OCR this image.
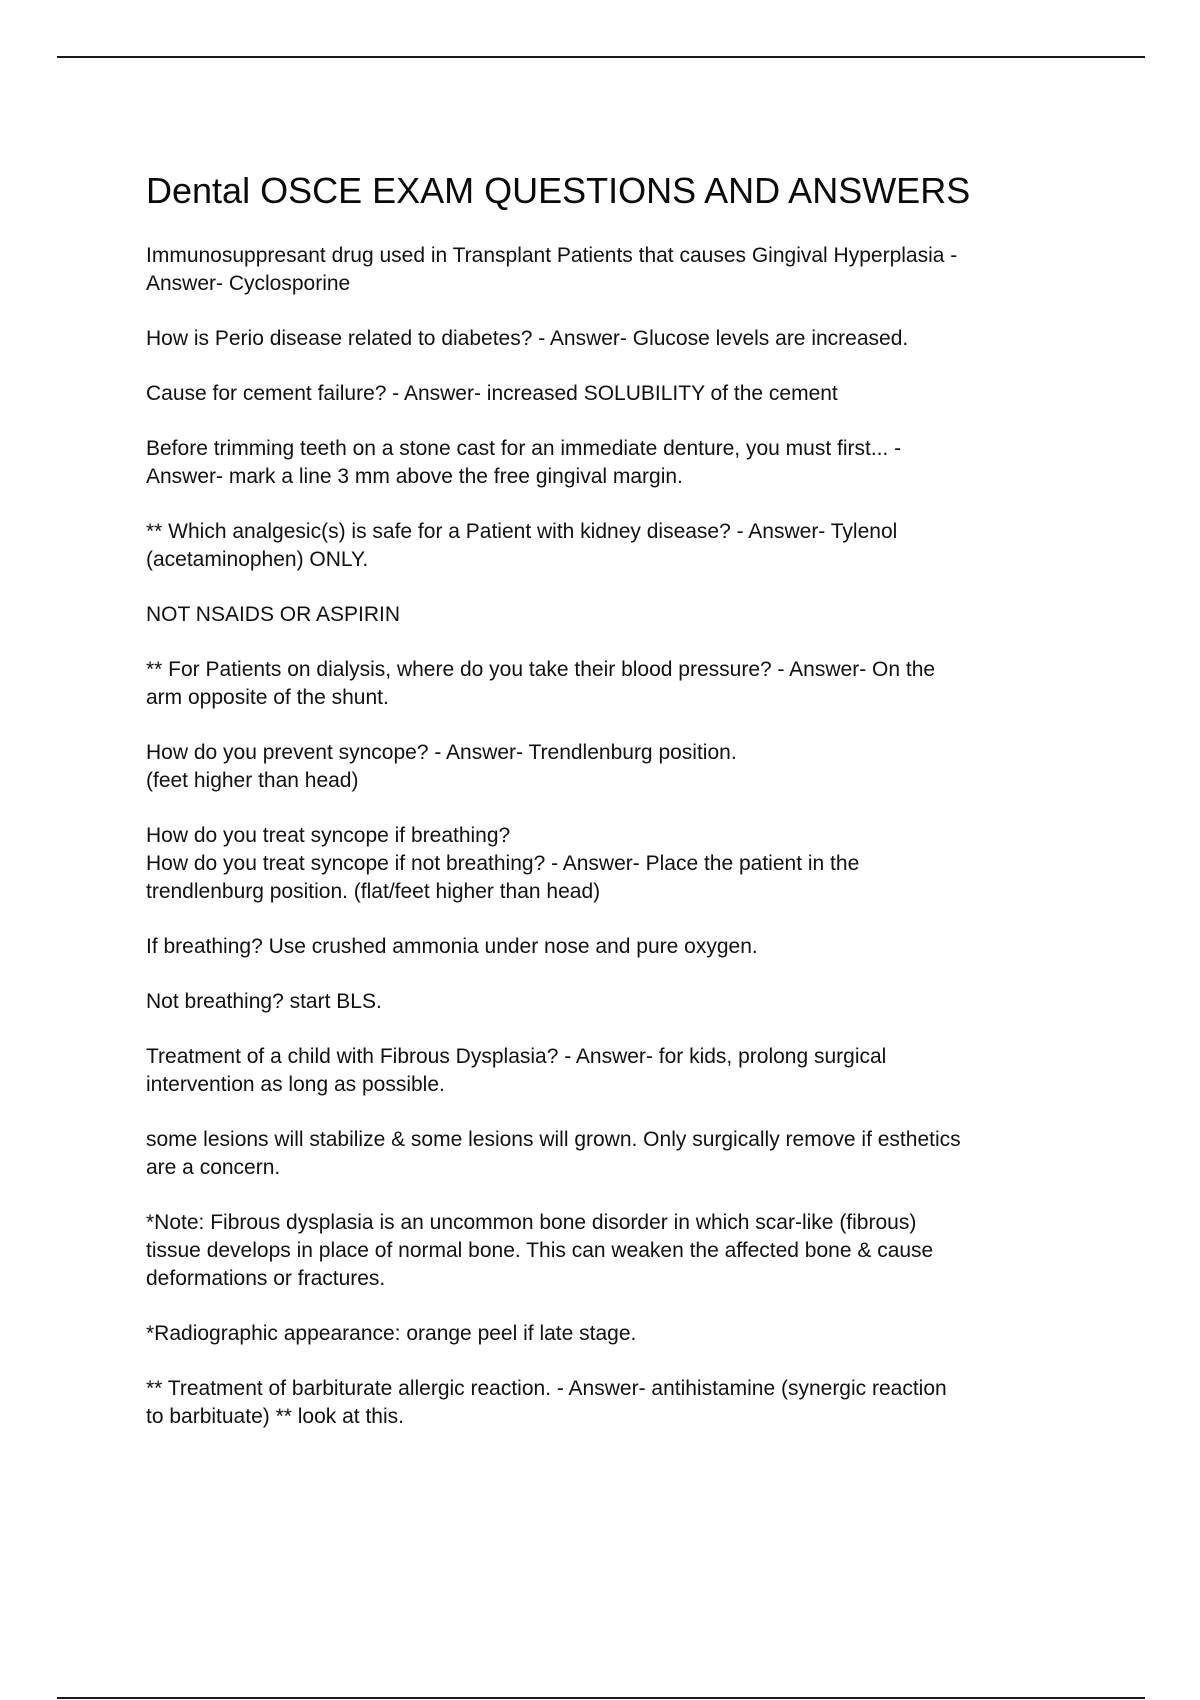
Dental OSCE EXAM QUESTIONS AND ANSWERS

Immunosuppresant drug used in Transplant Patients that causes Gingival Hyperplasia -
Answer- Cyclosporine

How is Perio disease related to diabetes? - Answer- Glucose levels are increased.

Cause for cement failure? - Answer- increased SOLUBILITY of the cement

Before trimming teeth on a stone cast for an immediate denture, you must first... -
Answer- mark a line 3 mm above the free gingival margin.

** Which analgesic(s) is safe for a Patient with kidney disease? - Answer- Tylenol
(acetaminophen) ONLY.

NOT NSAIDS OR ASPIRIN

** For Patients on dialysis, where do you take their blood pressure? - Answer- On the
arm opposite of the shunt.

How do you prevent syncope? - Answer- Trendlenburg position.
(feet higher than head)

How do you treat syncope if breathing?
How do you treat syncope if not breathing? - Answer- Place the patient in the
trendlenburg position. (flat/feet higher than head)

If breathing? Use crushed ammonia under nose and pure oxygen.

Not breathing? start BLS.

Treatment of a child with Fibrous Dysplasia? - Answer- for kids, prolong surgical
intervention as long as possible.

some lesions will stabilize & some lesions will grown. Only surgically remove if esthetics
are a concern.

*Note: Fibrous dysplasia is an uncommon bone disorder in which scar-like (fibrous)
tissue develops in place of normal bone. This can weaken the affected bone & cause
deformations or fractures.

*Radiographic appearance: orange peel if late stage.

** Treatment of barbiturate allergic reaction. - Answer- antihistamine (synergic reaction
to barbituate) ** look at this.
